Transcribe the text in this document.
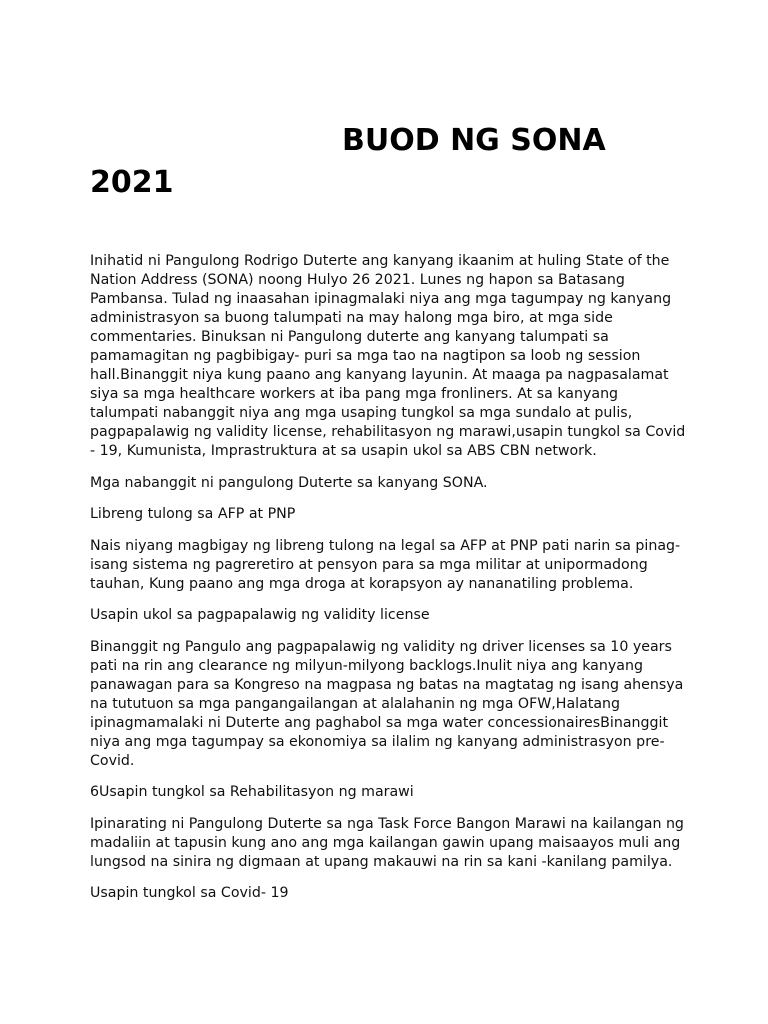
BUOD NG SONA
2021

Inihatid ni Pangulong Rodrigo Duterte ang kanyang ikaanim at huling State of the Nation Address (SONA) noong Hulyo 26 2021. Lunes ng hapon sa Batasang Pambansa. Tulad ng inaasahan ipinagmalaki niya ang mga tagumpay ng kanyang administrasyon sa buong talumpati na may halong mga biro, at mga side commentaries. Binuksan ni Pangulong duterte ang kanyang talumpati sa pamamagitan ng pagbibigay- puri sa mga tao na nagtipon sa loob ng session hall.Binanggit niya kung paano ang kanyang layunin. At maaga pa nagpasalamat siya sa mga healthcare workers at iba pang mga fronliners. At sa kanyang talumpati nabanggit niya ang mga usaping tungkol sa mga sundalo at pulis, pagpapalawig ng validity license, rehabilitasyon ng marawi,usapin tungkol sa Covid - 19, Kumunista, Imprastruktura at sa usapin ukol sa ABS CBN network.

Mga nabanggit ni pangulong Duterte sa kanyang SONA.

Libreng tulong sa AFP at PNP

Nais niyang magbigay ng libreng tulong na legal sa AFP at PNP pati narin sa pinag-isang sistema ng pagreretiro at pensyon para sa mga militar at unipormadong tauhan, Kung paano ang mga droga at korapsyon ay nananatiling problema.

Usapin ukol sa pagpapalawig ng validity license

Binanggit ng Pangulo ang pagpapalawig ng validity ng driver licenses sa 10 years pati na rin ang clearance ng milyun-milyong backlogs.Inulit niya ang kanyang panawagan para sa Kongreso na magpasa ng batas na magtatag ng isang ahensya na tututuon sa mga pangangailangan at alalahanin ng mga OFW,Halatang ipinagmamalaki ni Duterte ang paghabol sa mga water concessionairesBinanggit niya ang mga tagumpay sa ekonomiya sa ilalim ng kanyang administrasyon pre-Covid.

6Usapin tungkol sa Rehabilitasyon ng marawi

Ipinarating ni Pangulong Duterte sa nga Task Force Bangon Marawi na kailangan ng madaliin at tapusin kung ano ang mga kailangan gawin upang maisaayos muli ang lungsod na sinira ng digmaan at upang makauwi na rin sa kani -kanilang pamilya.

Usapin tungkol sa Covid- 19
